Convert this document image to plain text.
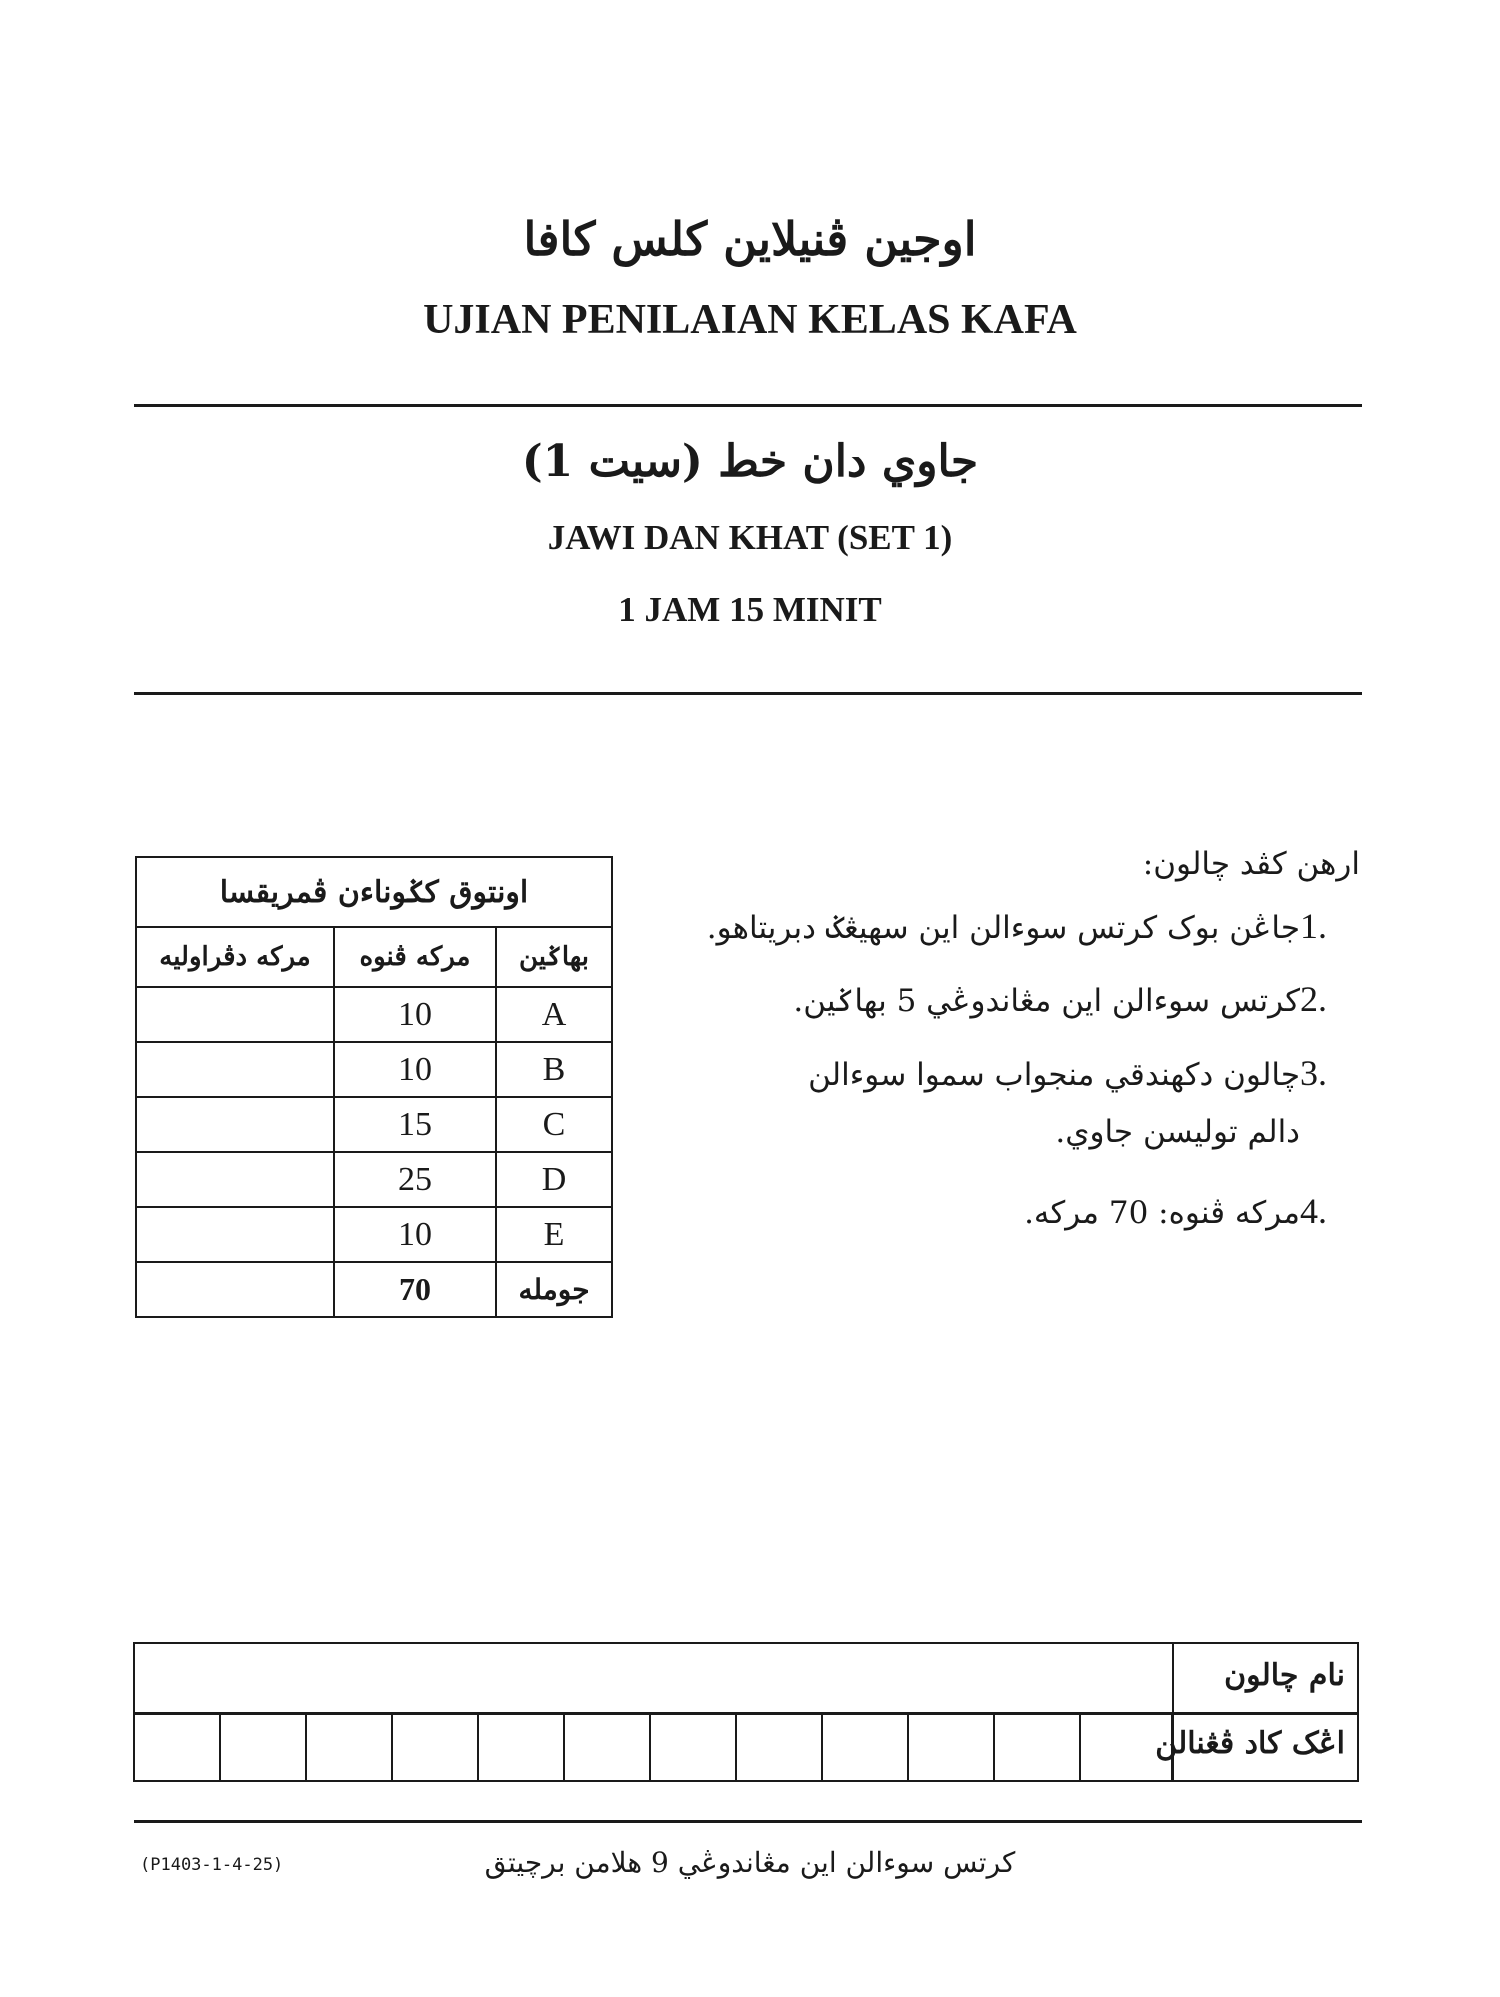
اوجين ڤنيلاين کلس کافا
UJIAN PENILAIAN KELAS KAFA
جاوي دان خط (سيت 1)
JAWI DAN KHAT (SET 1)
1 JAM 15 MINIT
اونتوق کݢوناءن ڤمريقسا		
مرکه دڤراوليه	مرکه ڤنوه	بهاݢين
	10	A
	10	B
	15	C
	25	D
	10	E
	70	جومله
ارهن کڤد چالون:
1.جاڠن بوک کرتس سوءالن اين سهيڠݢ دبريتاهو.
2.کرتس سوءالن اين مڠاندوڠي 5 بهاݢين.
3.چالون دکهندقي منجواب سموا سوءالن
دالم توليسن جاوي.
4.مرکه ڤنوه: 70 مرکه.
نام چالون
اڠک کاد ڤڠنالن
(P1403-1-4-25)	کرتس سوءالن اين مڠاندوڠي 9 هلامن برچيتق
